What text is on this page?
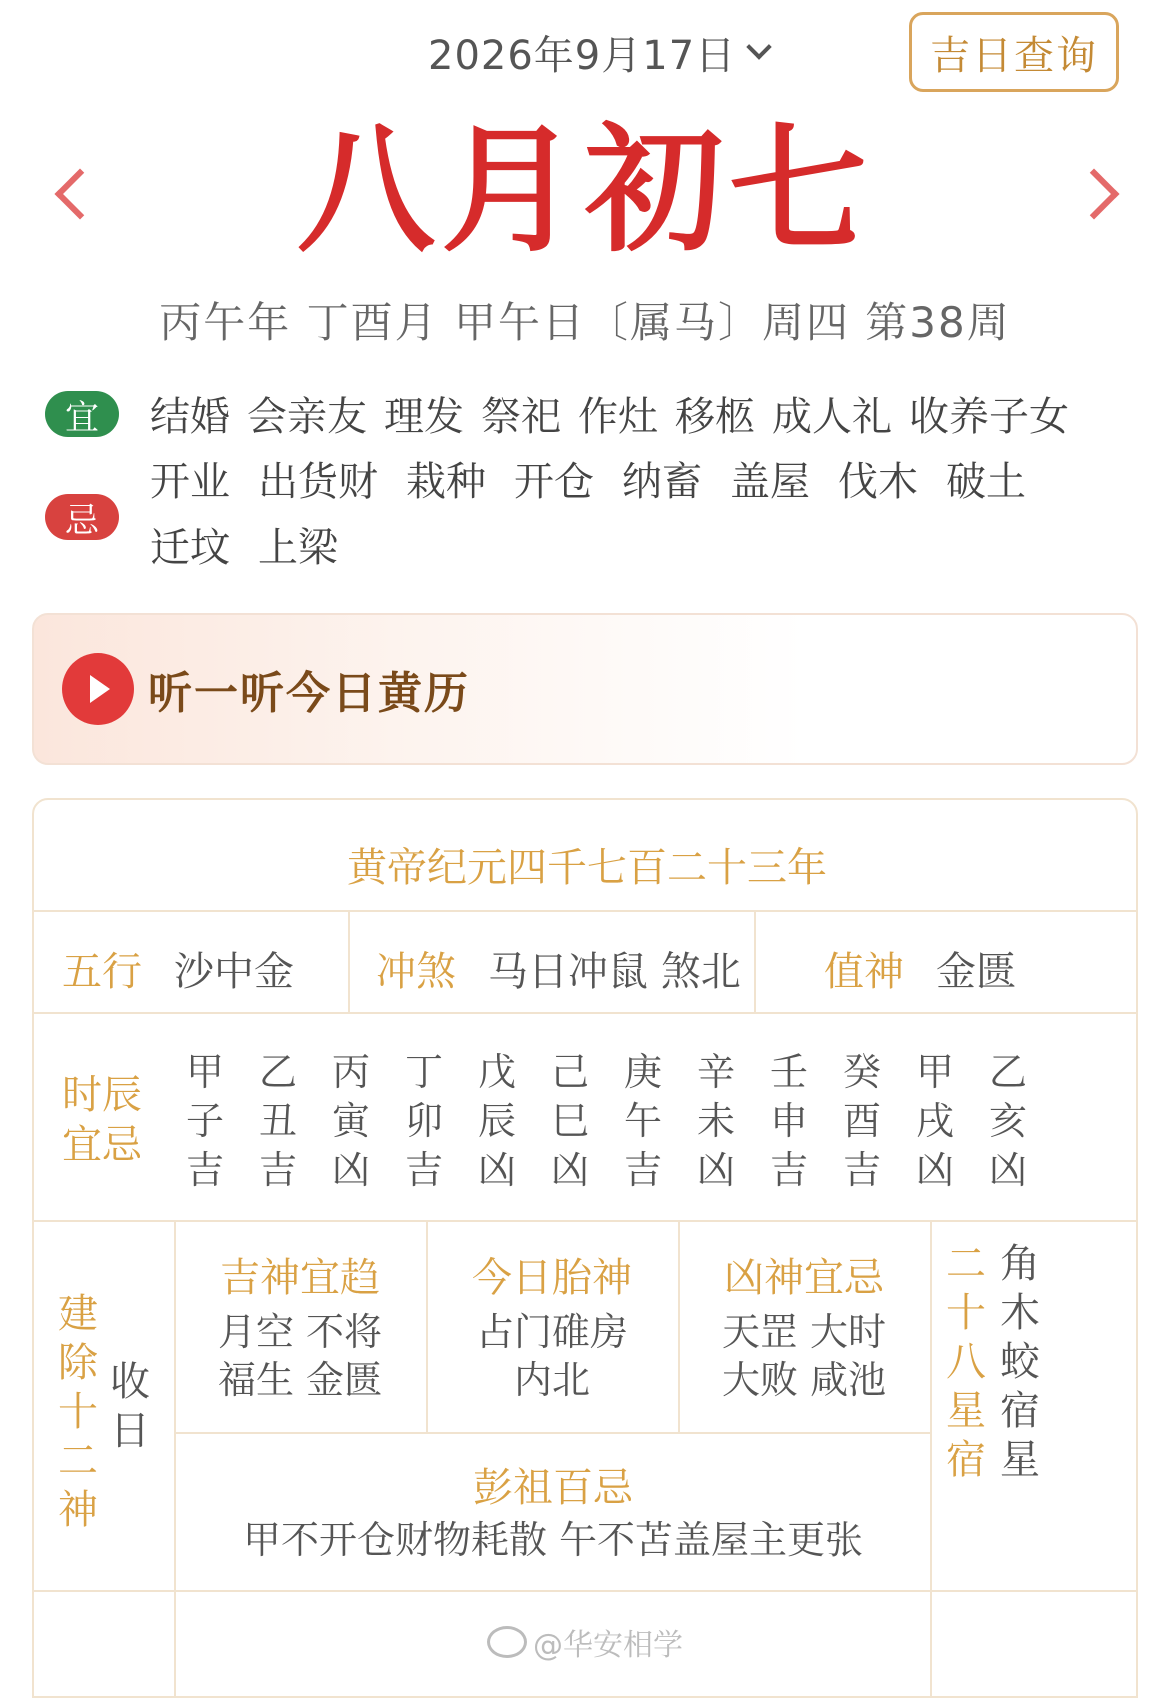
2026年9月17日	吉日查询
八月初七
丙午年 丁酉月 甲午日〔属马〕周四 第38周
宜	结婚 会亲友 理发 祭祀 作灶 移柩 成人礼 收养子女
忌
开业 出货财 栽种 开仓 纳畜 盖屋 伐木 破土
迁坟 上梁
听一听今日黄历
黄帝纪元四千七百二十三年
五行 沙中金 冲煞 马日冲鼠 煞北 值神 金匮
时辰
宜忌
甲
子
吉
乙
丑
吉
丙
寅
凶
丁
卯
吉
戊
辰
凶
己
巳
凶
庚
午
吉
辛
未
凶
壬
申
吉
癸
酉
吉
甲
戌
凶
乙
亥
凶
建除十二神
收日
吉神宜趋
月空 不将
福生 金匮
今日胎神
占门碓房
内北
凶神宜忌
天罡 大时
大败 咸池
彭祖百忌
甲不开仓财物耗散 午不苫盖屋主更张
二十八星宿
角木蛟宿星
@华安相学
